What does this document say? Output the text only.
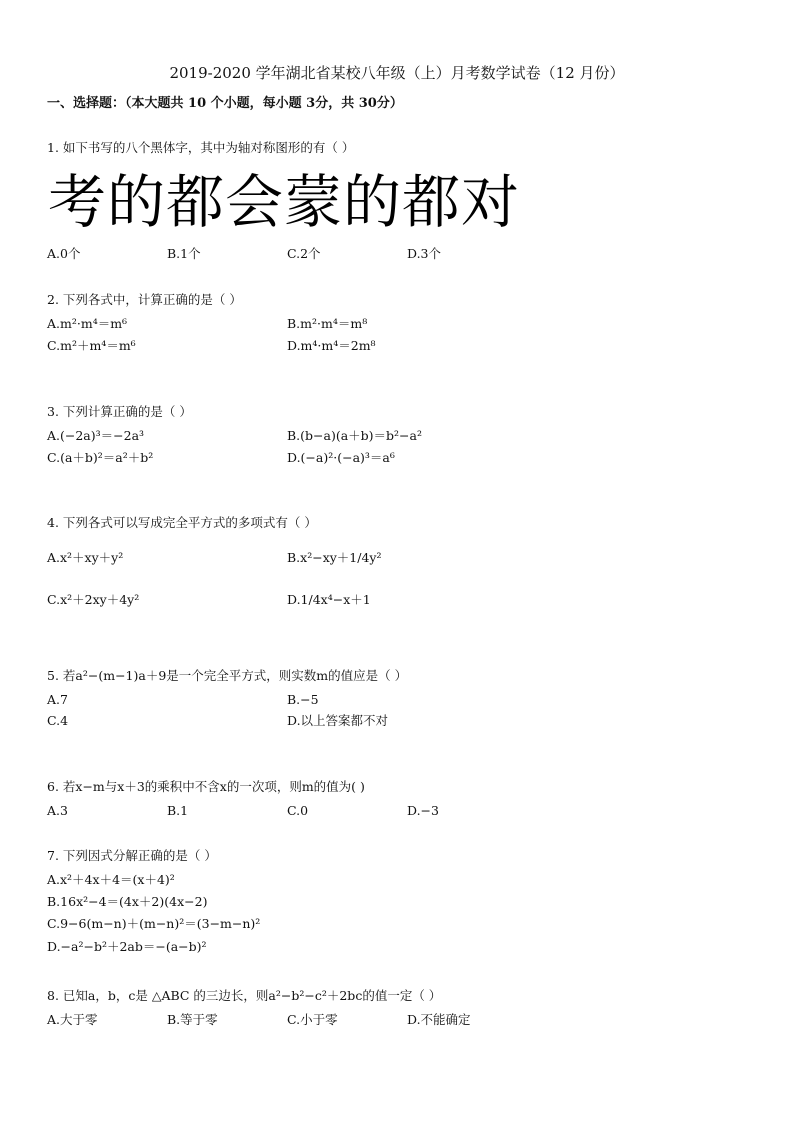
2019-2020 学年湖北省某校八年级（上）月考数学试卷（12 月份）
一、选择题：（本大题共 10 个小题，每小题 3分，共 30分）
1. 如下书写的八个黑体字，其中为轴对称图形的有（ ）
考的都会蒙的都对
A.0个	B.1个	C.2个	D.3个
2. 下列各式中，计算正确的是（ ）
A.m²·m⁴＝m⁶	B.m²·m⁴＝m⁸
C.m²＋m⁴＝m⁶	D.m⁴·m⁴＝2m⁸
3. 下列计算正确的是（ ）
A.(−2a)³＝−2a³	B.(b−a)(a＋b)＝b²−a²
C.(a＋b)²＝a²＋b²	D.(−a)²·(−a)³＝a⁶
4. 下列各式可以写成完全平方式的多项式有（ ）
A.x²＋xy＋y²	B.x²−xy＋1/4y²
C.x²＋2xy＋4y²	D.1/4x⁴−x＋1
5. 若a²−(m−1)a＋9是一个完全平方式，则实数m的值应是（ ）
A.7	B.−5
C.4	D.以上答案都不对
6. 若x−m与x＋3的乘积中不含x的一次项，则m的值为( )
A.3	B.1	C.0	D.−3
7. 下列因式分解正确的是（ ）
A.x²＋4x＋4＝(x＋4)²
B.16x²−4＝(4x＋2)(4x−2)
C.9−6(m−n)＋(m−n)²＝(3−m−n)²
D.−a²−b²＋2ab＝−(a−b)²
8. 已知a，b，c是 △ABC 的三边长，则a²−b²−c²＋2bc的值一定（ ）
A.大于零	B.等于零	C.小于零	D.不能确定
